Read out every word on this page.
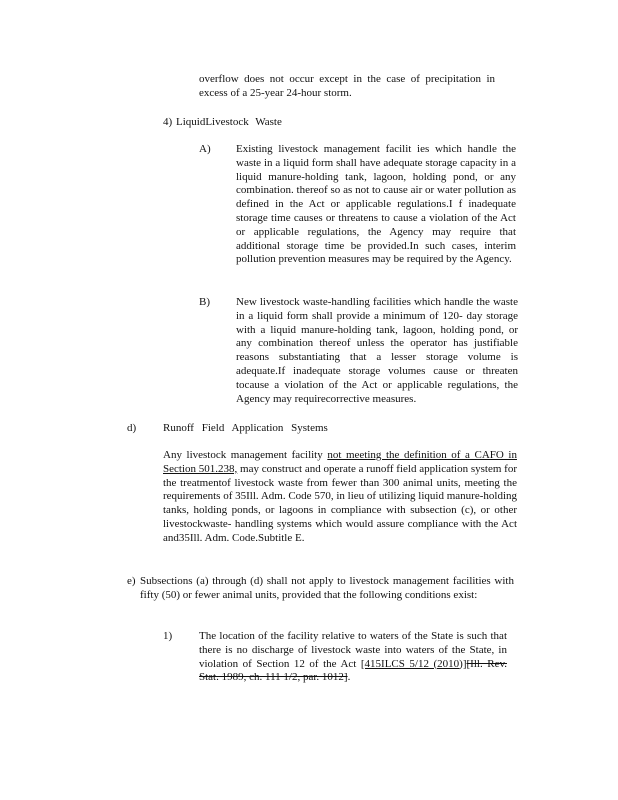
overflow does not occur except in the case of precipitation in excess of a 25-year 24-hour storm.
4) LiquidLivestock Waste
A) Existing livestock management facilit ies which handle the waste in a liquid form shall have adequate storage capacity in a liquid manure-holding tank, lagoon, holding pond, or any combination. thereof so as not to cause air or water pollution as defined in the Act or applicable regulations.I f inadequate storage time causes or threatens to cause a violation of the Act or applicable regulations, the Agency may require that additional storage time be provided.In such cases, interim pollution prevention measures may be required by the Agency.
B) New livestock waste-handling facilities which handle the waste in a liquid form shall provide a minimum of 120- day storage with a liquid manure-holding tank, lagoon, holding pond, or any combination thereof unless the operator has justifiable reasons substantiating that a lesser storage volume is adequate.If inadequate storage volumes cause or threaten tocause a violation of the Act or applicable regulations, the Agency may requirecorrective measures.
d) Runoff Field Application Systems
Any livestock management facility not meeting the definition of a CAFO in Section 501.238, may construct and operate a runoff field application system for the treatmentof livestock waste from fewer than 300 animal units, meeting the requirements of 35Ill. Adm. Code 570, in lieu of utilizing liquid manure-holding tanks, holding ponds, or lagoons in compliance with subsection (c), or other livestockwaste- handling systems which would assure compliance with the Act and35Ill. Adm. Code.Subtitle E.
e) Subsections (a) through (d) shall not apply to livestock management facilities with fifty (50) or fewer animal units, provided that the following conditions exist:
1) The location of the facility relative to waters of the State is such that there is no discharge of livestock waste into waters of the State, in violation of Section 12 of the Act [415ILCS 5/12 (2010)][Ill. Rev. Stat. 1989, ch. 111 1/2, par. 1012].
